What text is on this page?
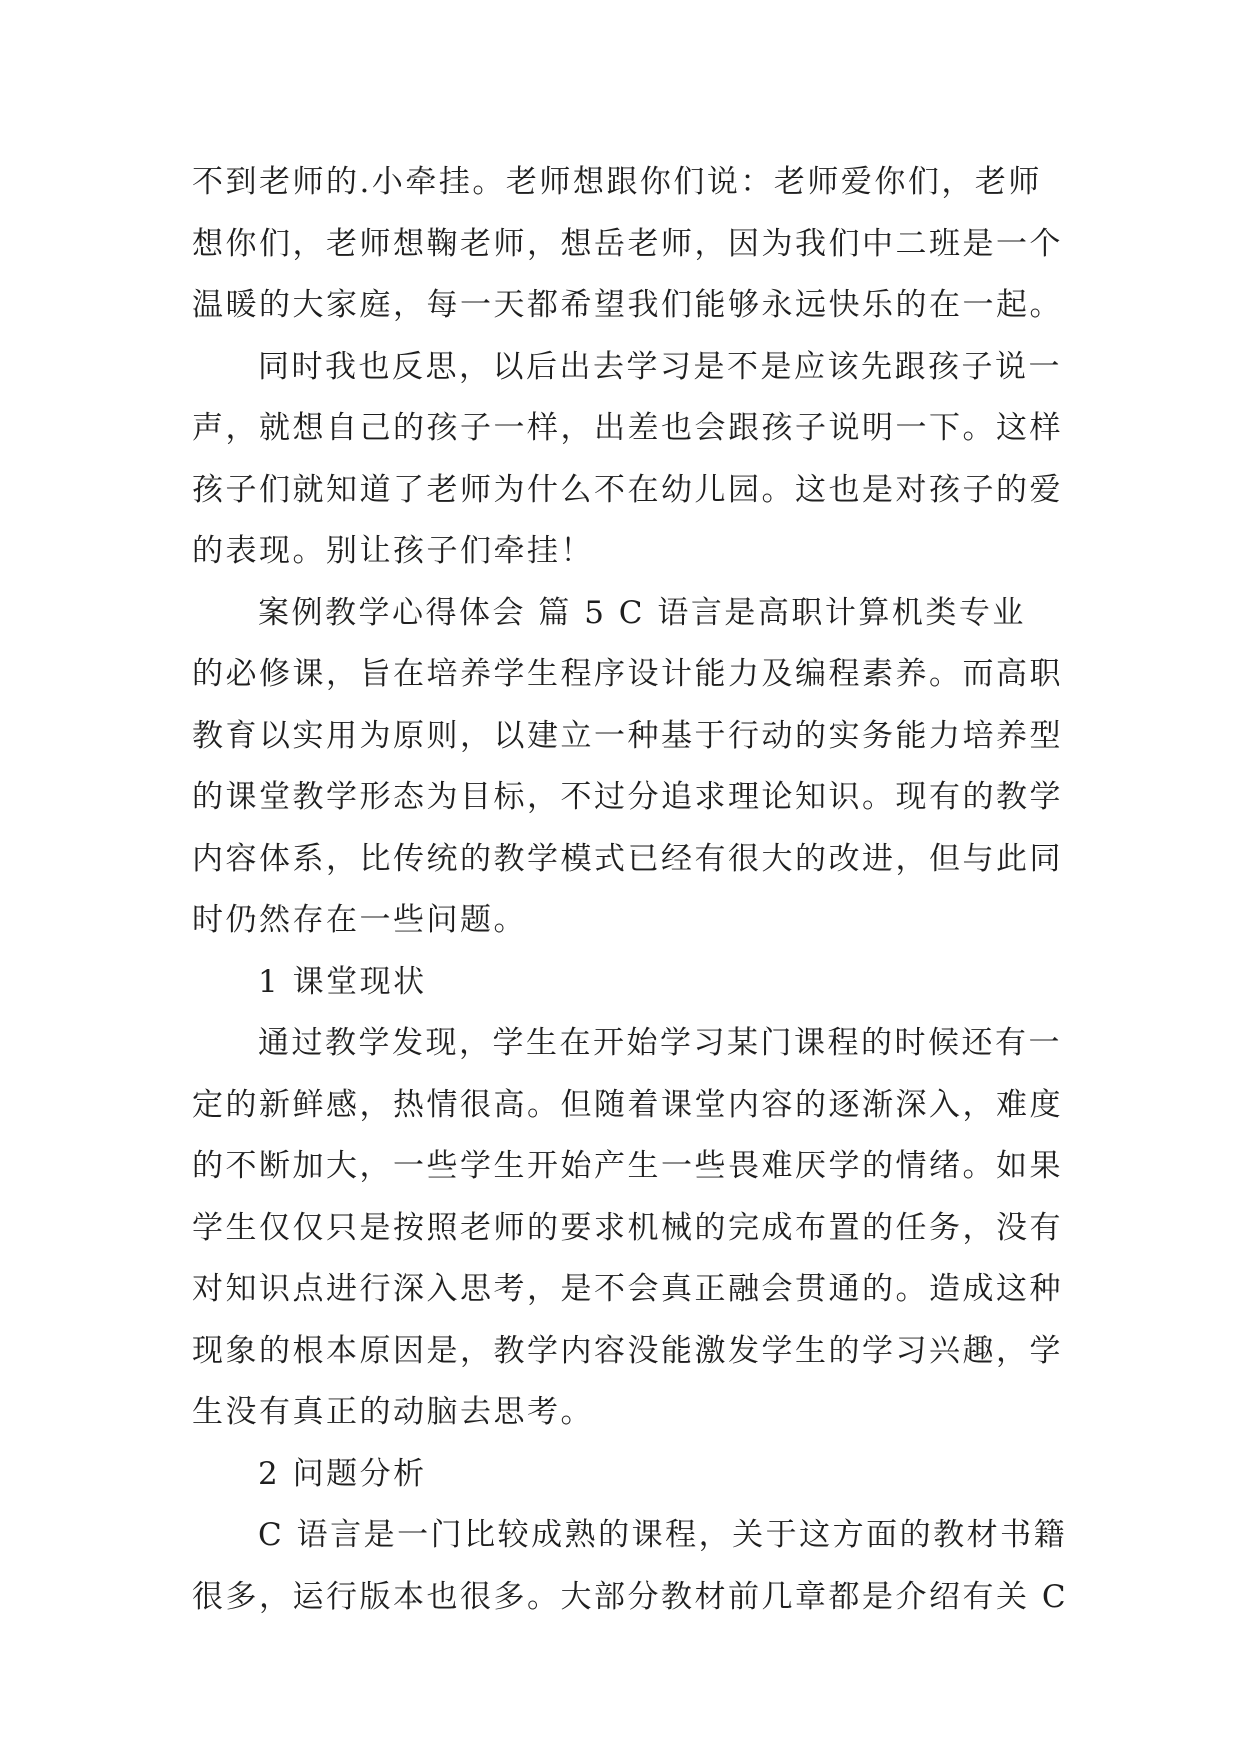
不到老师的.小牵挂。老师想跟你们说：老师爱你们，老师
想你们，老师想鞠老师，想岳老师，因为我们中二班是一个
温暖的大家庭，每一天都希望我们能够永远快乐的在一起。
同时我也反思，以后出去学习是不是应该先跟孩子说一
声，就想自己的孩子一样，出差也会跟孩子说明一下。这样
孩子们就知道了老师为什么不在幼儿园。这也是对孩子的爱
的表现。别让孩子们牵挂！
案例教学心得体会 篇 5 C 语言是高职计算机类专业
的必修课，旨在培养学生程序设计能力及编程素养。而高职
教育以实用为原则，以建立一种基于行动的实务能力培养型
的课堂教学形态为目标，不过分追求理论知识。现有的教学
内容体系，比传统的教学模式已经有很大的改进，但与此同
时仍然存在一些问题。
1 课堂现状
通过教学发现，学生在开始学习某门课程的时候还有一
定的新鲜感，热情很高。但随着课堂内容的逐渐深入，难度
的不断加大，一些学生开始产生一些畏难厌学的情绪。如果
学生仅仅只是按照老师的要求机械的完成布置的任务，没有
对知识点进行深入思考，是不会真正融会贯通的。造成这种
现象的根本原因是，教学内容没能激发学生的学习兴趣，学
生没有真正的动脑去思考。
2 问题分析
C 语言是一门比较成熟的课程，关于这方面的教材书籍
很多，运行版本也很多。大部分教材前几章都是介绍有关 C
